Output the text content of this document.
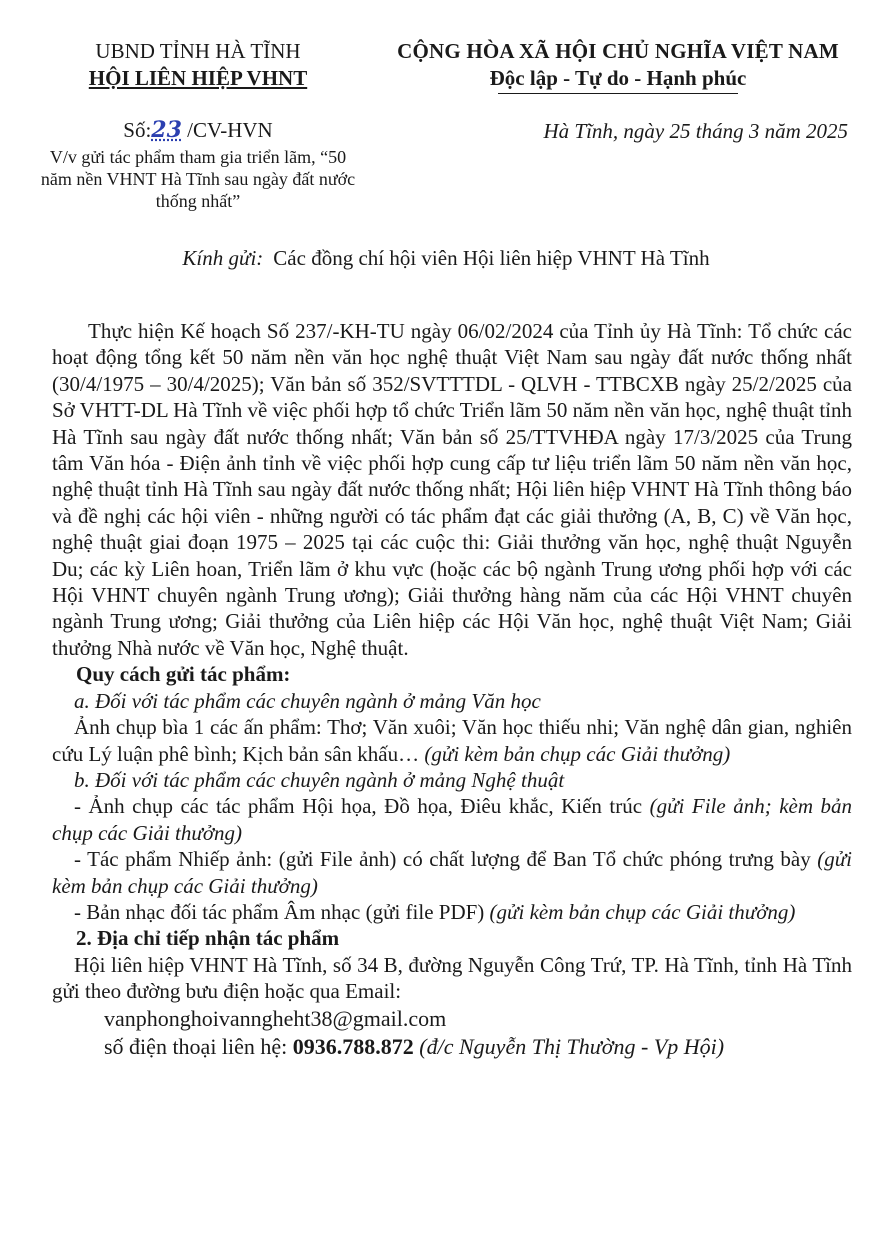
UBND TỈNH HÀ TĨNH
HỘI LIÊN HIỆP VHNT
CỘNG HÒA XÃ HỘI CHỦ NGHĨA VIỆT NAM
Độc lập - Tự do - Hạnh phúc
Số:23 /CV-HVN
V/v gửi tác phẩm tham gia triển lãm, “50 năm nền VHNT Hà Tĩnh sau ngày đất nước thống nhất”
Hà Tĩnh, ngày 25 tháng 3 năm 2025
Kính gửi: Các đồng chí hội viên Hội liên hiệp VHNT Hà Tĩnh

Thực hiện Kế hoạch Số 237/-KH-TU ngày 06/02/2024 của Tỉnh ủy Hà Tĩnh: Tổ chức các hoạt động tổng kết 50 năm nền văn học nghệ thuật Việt Nam sau ngày đất nước thống nhất (30/4/1975 – 30/4/2025); Văn bản số 352/SVTTTDL - QLVH - TTBCXB ngày 25/2/2025 của Sở VHTT-DL Hà Tĩnh về việc phối hợp tổ chức Triển lãm 50 năm nền văn học, nghệ thuật tỉnh Hà Tĩnh sau ngày đất nước thống nhất; Văn bản số 25/TTVHĐA ngày 17/3/2025 của Trung tâm Văn hóa - Điện ảnh tỉnh về việc phối hợp cung cấp tư liệu triển lãm 50 năm nền văn học, nghệ thuật tỉnh Hà Tĩnh sau ngày đất nước thống nhất; Hội liên hiệp VHNT Hà Tĩnh thông báo và đề nghị các hội viên - những người có tác phẩm đạt các giải thưởng (A, B, C) về Văn học, nghệ thuật giai đoạn 1975 – 2025 tại các cuộc thi: Giải thưởng văn học, nghệ thuật Nguyễn Du; các kỳ Liên hoan, Triển lãm ở khu vực (hoặc các bộ ngành Trung ương phối hợp với các Hội VHNT chuyên ngành Trung ương); Giải thưởng hàng năm của các Hội VHNT chuyên ngành Trung ương; Giải thưởng của Liên hiệp các Hội Văn học, nghệ thuật Việt Nam; Giải thưởng Nhà nước về Văn học, Nghệ thuật.

Quy cách gửi tác phẩm:

a. Đối với tác phẩm các chuyên ngành ở mảng Văn học

Ảnh chụp bìa 1 các ấn phẩm: Thơ; Văn xuôi; Văn học thiếu nhi; Văn nghệ dân gian, nghiên cứu Lý luận phê bình; Kịch bản sân khấu… (gửi kèm bản chụp các Giải thưởng)

b. Đối với tác phẩm các chuyên ngành ở mảng Nghệ thuật

- Ảnh chụp các tác phẩm Hội họa, Đồ họa, Điêu khắc, Kiến trúc (gửi File ảnh; kèm bản chụp các Giải thưởng)

- Tác phẩm Nhiếp ảnh: (gửi File ảnh) có chất lượng để Ban Tổ chức phóng trưng bày (gửi kèm bản chụp các Giải thưởng)

- Bản nhạc đối tác phẩm Âm nhạc (gửi file PDF) (gửi kèm bản chụp các Giải thưởng)

2. Địa chỉ tiếp nhận tác phẩm

Hội liên hiệp VHNT Hà Tĩnh, số 34 B, đường Nguyễn Công Trứ, TP. Hà Tĩnh, tỉnh Hà Tĩnh gửi theo đường bưu điện hoặc qua Email:

vanphonghoivanngheht38@gmail.com

số điện thoại liên hệ: 0936.788.872 (đ/c Nguyễn Thị Thường - Vp Hội)
